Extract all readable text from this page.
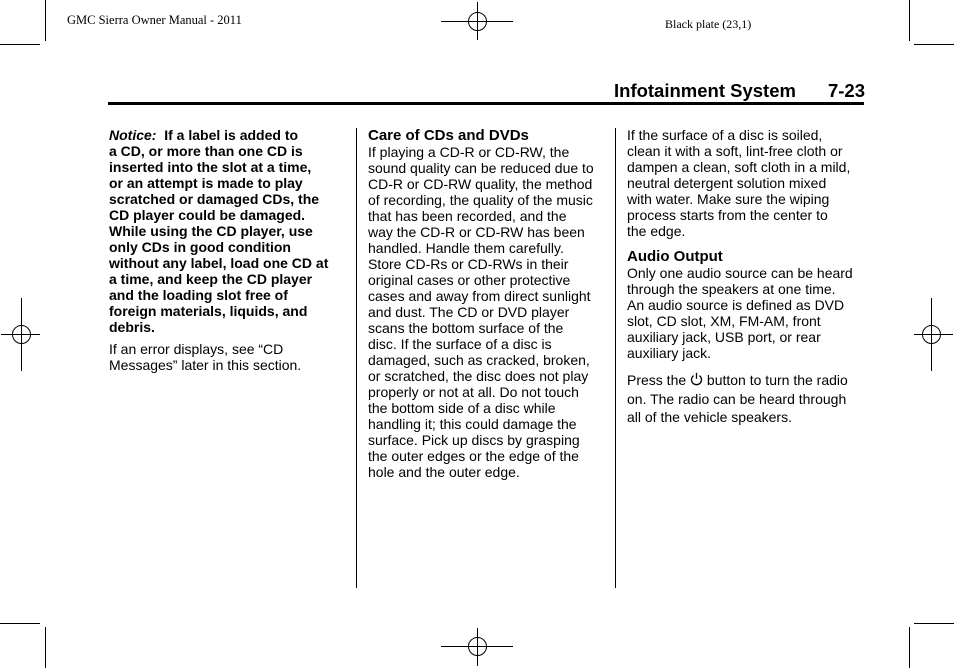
GMC Sierra Owner Manual - 2011	Black plate (23,1)
Infotainment System 7-23

Notice: If a label is added to
a CD, or more than one CD is
inserted into the slot at a time,
or an attempt is made to play
scratched or damaged CDs, the
CD player could be damaged.
While using the CD player, use
only CDs in good condition
without any label, load one CD at
a time, and keep the CD player
and the loading slot free of
foreign materials, liquids, and
debris.

If an error displays, see “CD
Messages” later in this section.

Care of CDs and DVDs

If playing a CD-R or CD-RW, the
sound quality can be reduced due to
CD-R or CD-RW quality, the method
of recording, the quality of the music
that has been recorded, and the
way the CD-R or CD-RW has been
handled. Handle them carefully.
Store CD-Rs or CD-RWs in their
original cases or other protective
cases and away from direct sunlight
and dust. The CD or DVD player
scans the bottom surface of the
disc. If the surface of a disc is
damaged, such as cracked, broken,
or scratched, the disc does not play
properly or not at all. Do not touch
the bottom side of a disc while
handling it; this could damage the
surface. Pick up discs by grasping
the outer edges or the edge of the
hole and the outer edge.

If the surface of a disc is soiled,
clean it with a soft, lint-free cloth or
dampen a clean, soft cloth in a mild,
neutral detergent solution mixed
with water. Make sure the wiping
process starts from the center to
the edge.

Audio Output

Only one audio source can be heard
through the speakers at one time.
An audio source is defined as DVD
slot, CD slot, XM, FM-AM, front
auxiliary jack, USB port, or rear
auxiliary jack.

Press the  button to turn the radio
on. The radio can be heard through
all of the vehicle speakers.
